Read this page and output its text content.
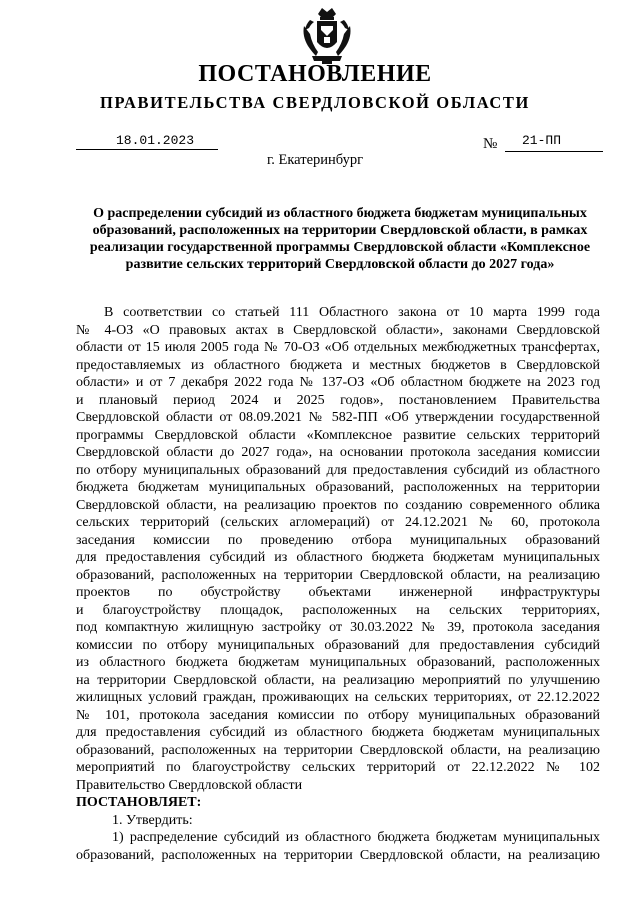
ПОСТАНОВЛЕНИЕ
ПРАВИТЕЛЬСТВА СВЕРДЛОВСКОЙ ОБЛАСТИ
18.01.2023	№ 21-ПП
г. Екатеринбург
О распределении субсидий из областного бюджета бюджетам муниципальных
образований, расположенных на территории Свердловской области, в рамках
реализации государственной программы Свердловской области «Комплексное
развитие сельских территорий Свердловской области до 2027 года»
В соответствии со статьей 111 Областного закона от 10 марта 1999 года
№ 4-ОЗ «О правовых актах в Свердловской области», законами Свердловской
области от 15 июля 2005 года № 70-ОЗ «Об отдельных межбюджетных трансфертах,
предоставляемых из областного бюджета и местных бюджетов в Свердловской
области» и от 7 декабря 2022 года № 137-ОЗ «Об областном бюджете на 2023 год
и плановый период 2024 и 2025 годов», постановлением Правительства
Свердловской области от 08.09.2021 № 582-ПП «Об утверждении государственной
программы Свердловской области «Комплексное развитие сельских территорий
Свердловской области до 2027 года», на основании протокола заседания комиссии
по отбору муниципальных образований для предоставления субсидий из областного
бюджета бюджетам муниципальных образований, расположенных на территории
Свердловской области, на реализацию проектов по созданию современного облика
сельских территорий (сельских агломераций) от 24.12.2021 № 60, протокола
заседания комиссии по проведению отбора муниципальных образований
для предоставления субсидий из областного бюджета бюджетам муниципальных
образований, расположенных на территории Свердловской области, на реализацию
проектов по обустройству объектами инженерной инфраструктуры
и благоустройству площадок, расположенных на сельских территориях,
под компактную жилищную застройку от 30.03.2022 № 39, протокола заседания
комиссии по отбору муниципальных образований для предоставления субсидий
из областного бюджета бюджетам муниципальных образований, расположенных
на территории Свердловской области, на реализацию мероприятий по улучшению
жилищных условий граждан, проживающих на сельских территориях, от 22.12.2022
№ 101, протокола заседания комиссии по отбору муниципальных образований
для предоставления субсидий из областного бюджета бюджетам муниципальных
образований, расположенных на территории Свердловской области, на реализацию
мероприятий по благоустройству сельских территорий от 22.12.2022 № 102
Правительство Свердловской области
ПОСТАНОВЛЯЕТ:
1. Утвердить:
1) распределение субсидий из областного бюджета бюджетам муниципальных
образований, расположенных на территории Свердловской области, на реализацию
